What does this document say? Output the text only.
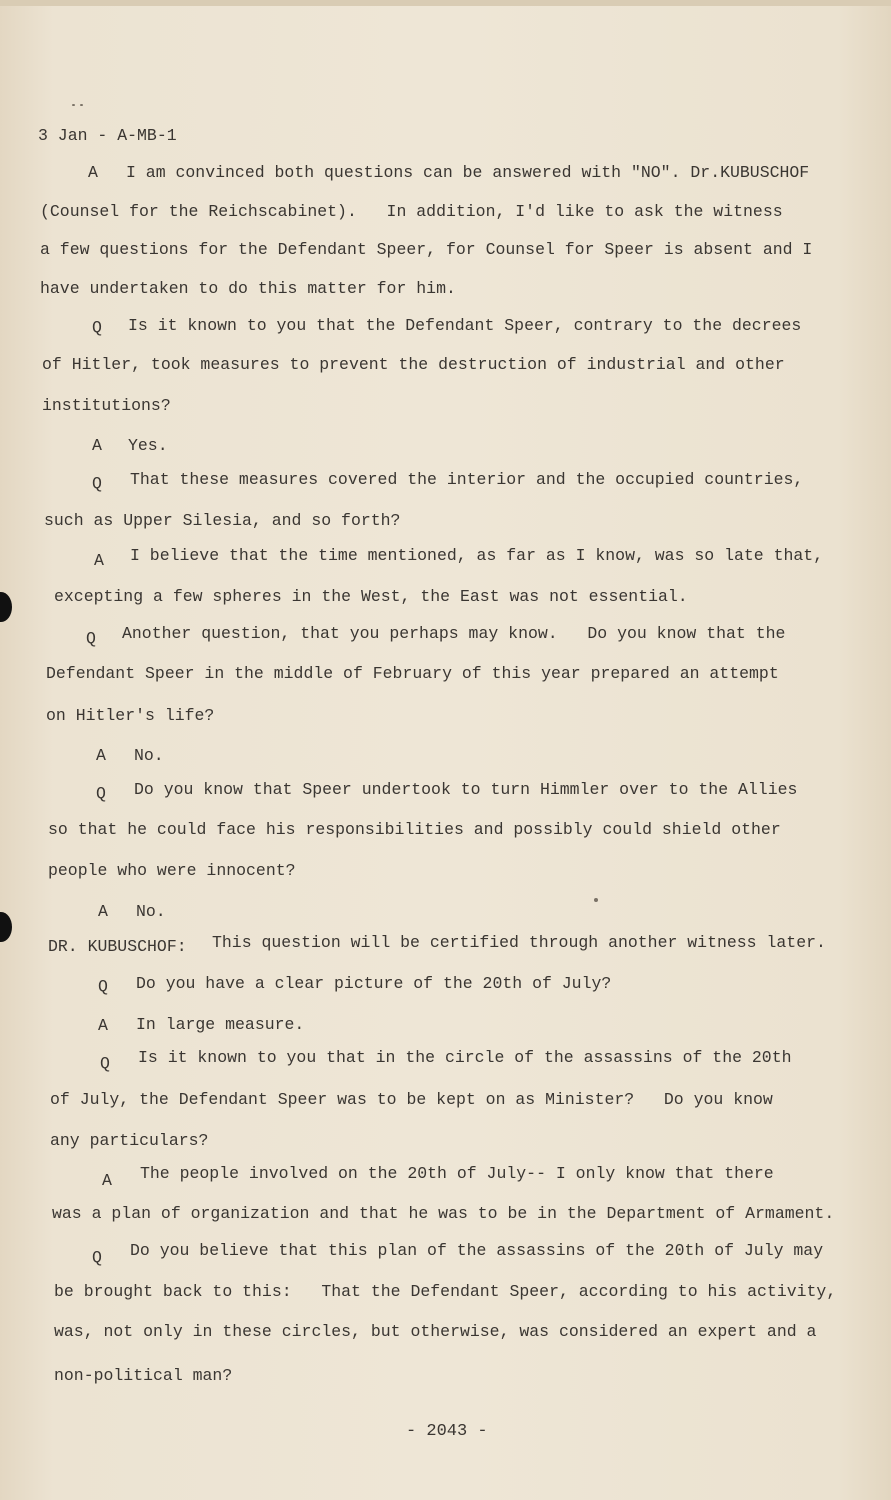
3 Jan - A-MB-1
A I am convinced both questions can be answered with "NO". Dr.KUBUSCHOF
(Counsel for the Reichscabinet).   In addition, I'd like to ask the witness
a few questions for the Defendant Speer, for Counsel for Speer is absent and I
have undertaken to do this matter for him.
Q Is it known to you that the Defendant Speer, contrary to the decrees
of Hitler, took measures to prevent the destruction of industrial and other
institutions?
A Yes.
Q That these measures covered the interior and the occupied countries,
such as Upper Silesia, and so forth?
A I believe that the time mentioned, as far as I know, was so late that,
excepting a few spheres in the West, the East was not essential.
Q Another question, that you perhaps may know.   Do you know that the
Defendant Speer in the middle of February of this year prepared an attempt
on Hitler's life?
A No.
Q Do you know that Speer undertook to turn Himmler over to the Allies
so that he could face his responsibilities and possibly could shield other
people who were innocent?
A No.
DR. KUBUSCHOF: This question will be certified through another witness later.
Q Do you have a clear picture of the 20th of July?
A In large measure.
Q Is it known to you that in the circle of the assassins of the 20th
of July, the Defendant Speer was to be kept on as Minister?   Do you know
any particulars?
A The people involved on the 20th of July-- I only know that there
was a plan of organization and that he was to be in the Department of Armament.
Q Do you believe that this plan of the assassins of the 20th of July may
be brought back to this:   That the Defendant Speer, according to his activity,
was, not only in these circles, but otherwise, was considered an expert and a
non-political man?
- 2043 -
